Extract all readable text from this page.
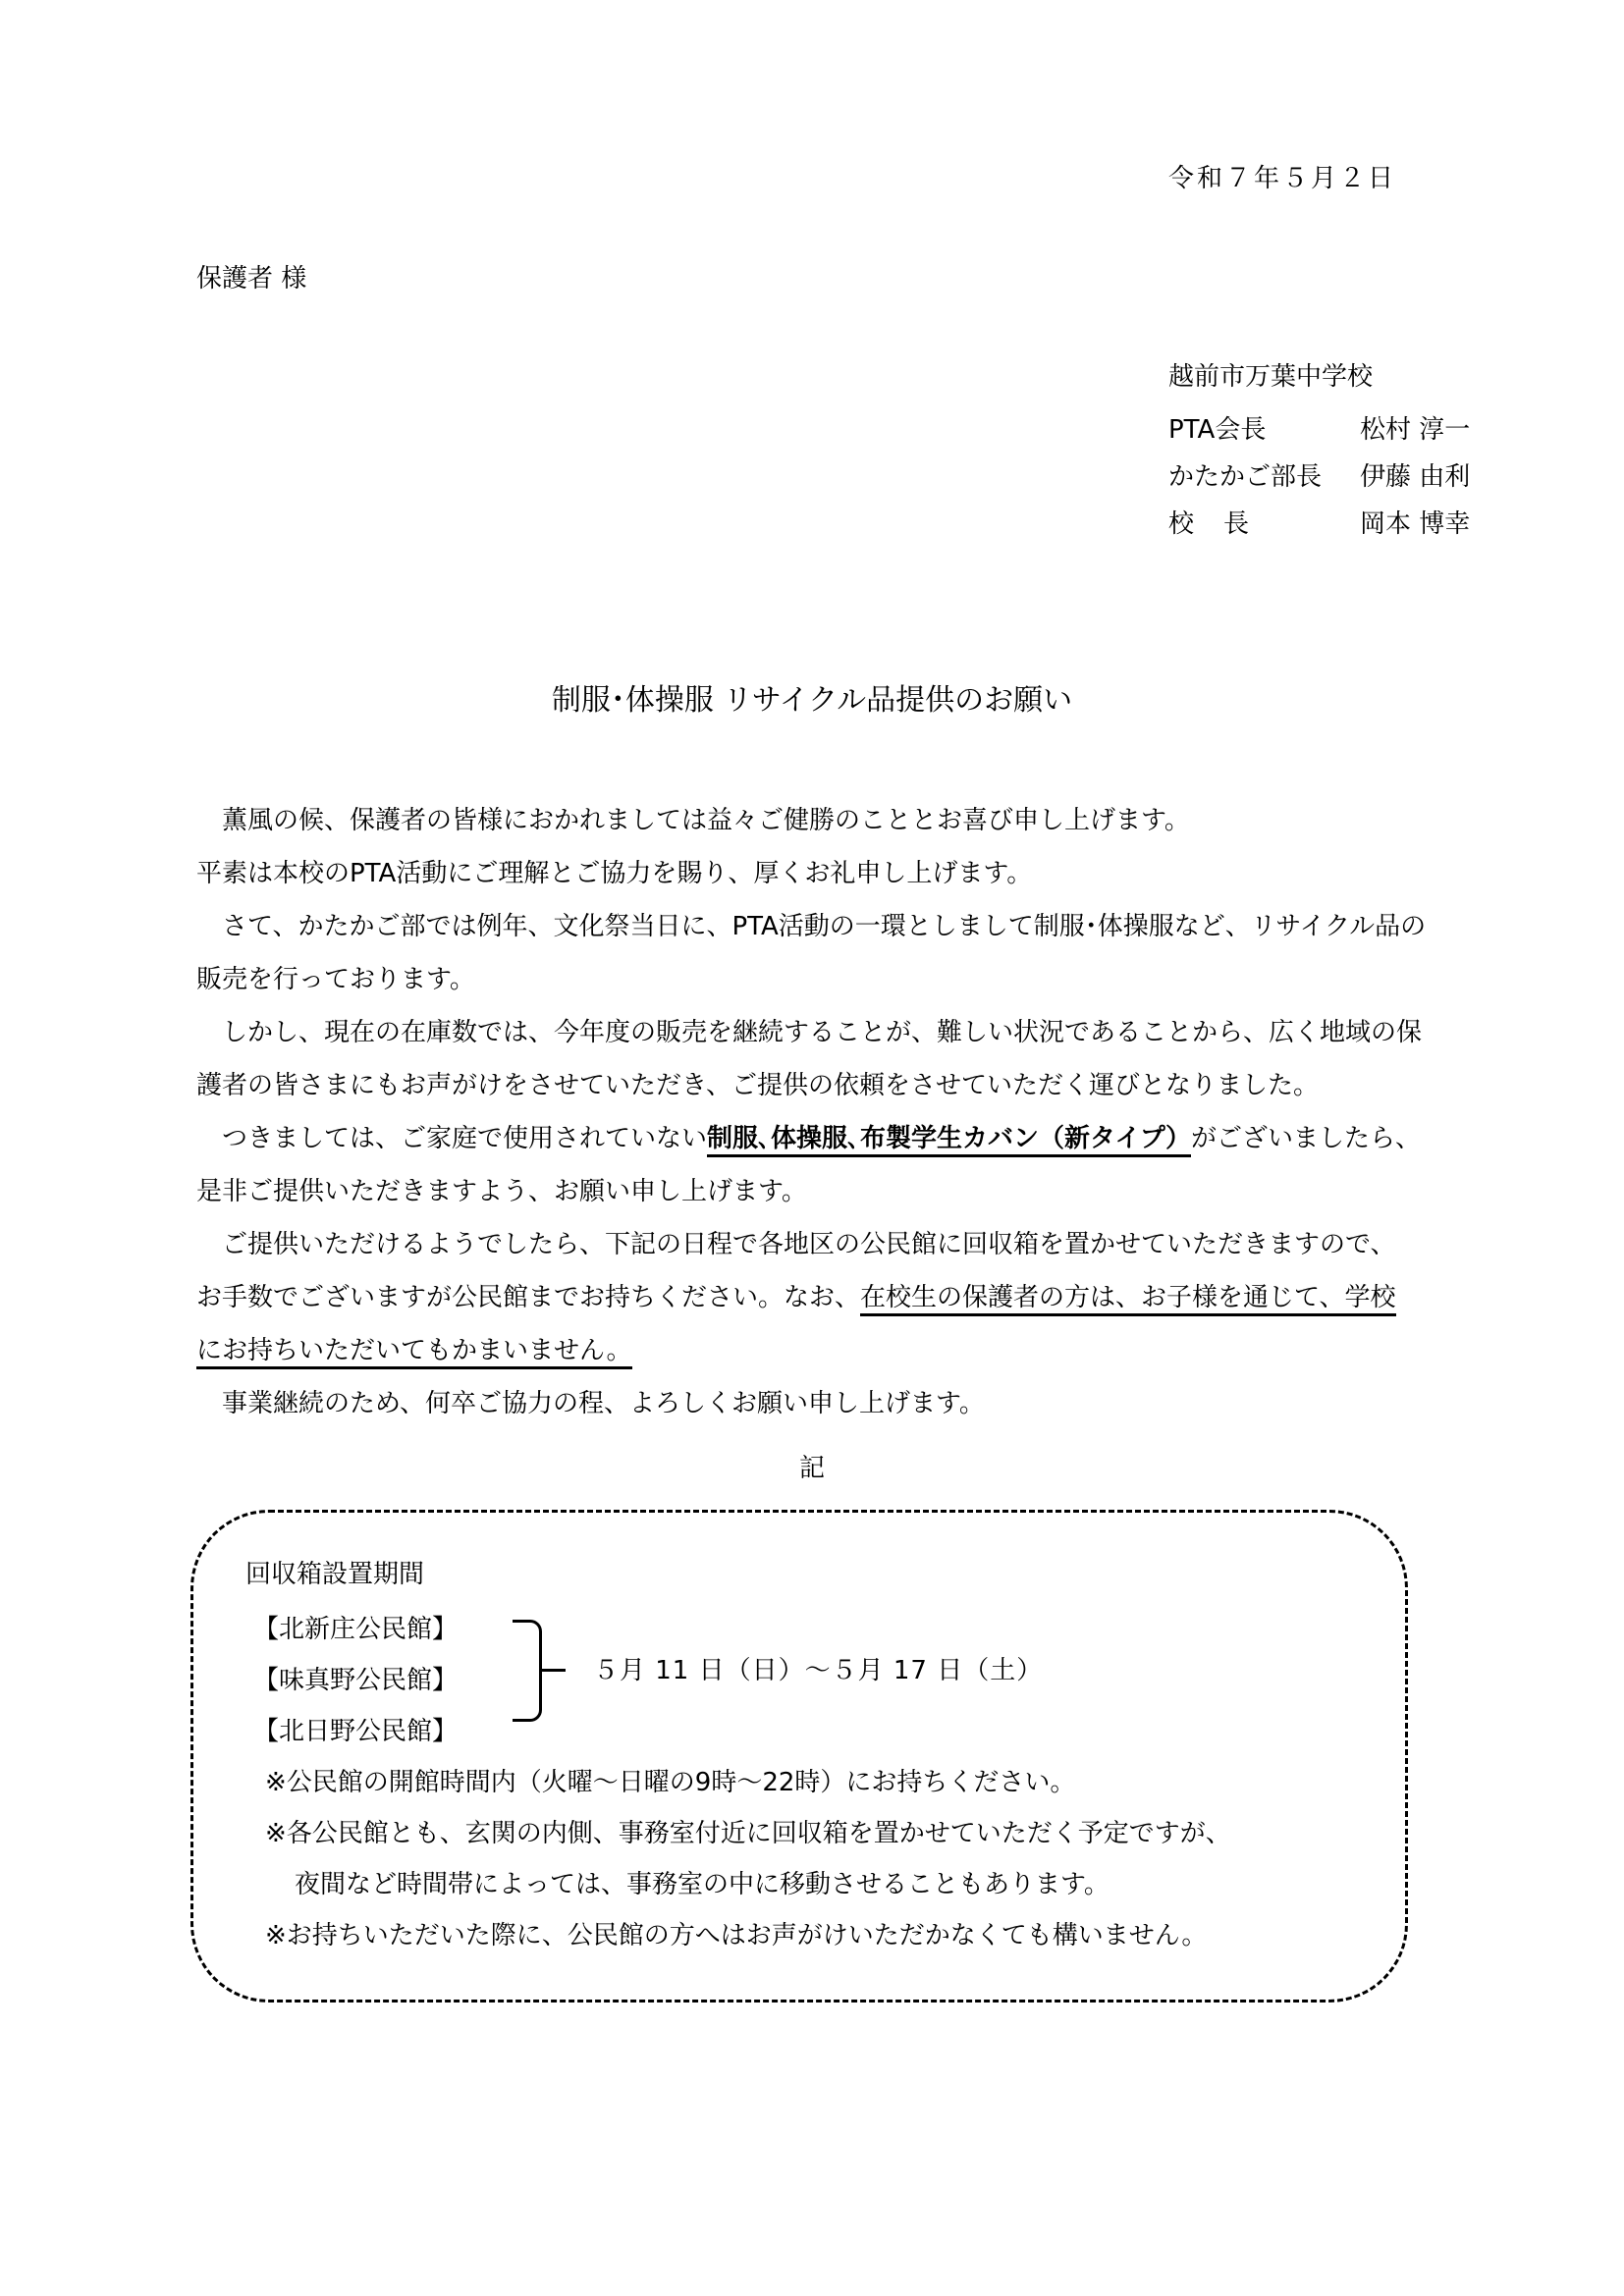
令和７年５月２日
保護者 様
越前市万葉中学校
PTA会長	松村 淳一
かたかご部長	伊藤 由利
校　長	岡本 博幸
制服･体操服 リサイクル品提供のお願い
薫風の候、保護者の皆様におかれましては益々ご健勝のこととお喜び申し上げます。
平素は本校のPTA活動にご理解とご協力を賜り、厚くお礼申し上げます。
さて、かたかご部では例年、文化祭当日に、PTA活動の一環としまして制服･体操服など、リサイクル品の
販売を行っております。
しかし、現在の在庫数では、今年度の販売を継続することが、難しい状況であることから、広く地域の保
護者の皆さまにもお声がけをさせていただき、ご提供の依頼をさせていただく運びとなりました。
つきましては、ご家庭で使用されていない制服､体操服､布製学生カバン（新タイプ）がございましたら、
是非ご提供いただきますよう、お願い申し上げます。
ご提供いただけるようでしたら、下記の日程で各地区の公民館に回収箱を置かせていただきますので、
お手数でございますが公民館までお持ちください。なお、在校生の保護者の方は、お子様を通じて、学校
にお持ちいただいてもかまいません。
事業継続のため、何卒ご協力の程、よろしくお願い申し上げます。
記
回収箱設置期間
【北新庄公民館】
【味真野公民館】
【北日野公民館】
５月 11 日（日）～５月 17 日（土）
※公民館の開館時間内（火曜～日曜の9時～22時）にお持ちください。
※各公民館とも、玄関の内側、事務室付近に回収箱を置かせていただく予定ですが、
夜間など時間帯によっては、事務室の中に移動させることもあります。
※お持ちいただいた際に、公民館の方へはお声がけいただかなくても構いません。
